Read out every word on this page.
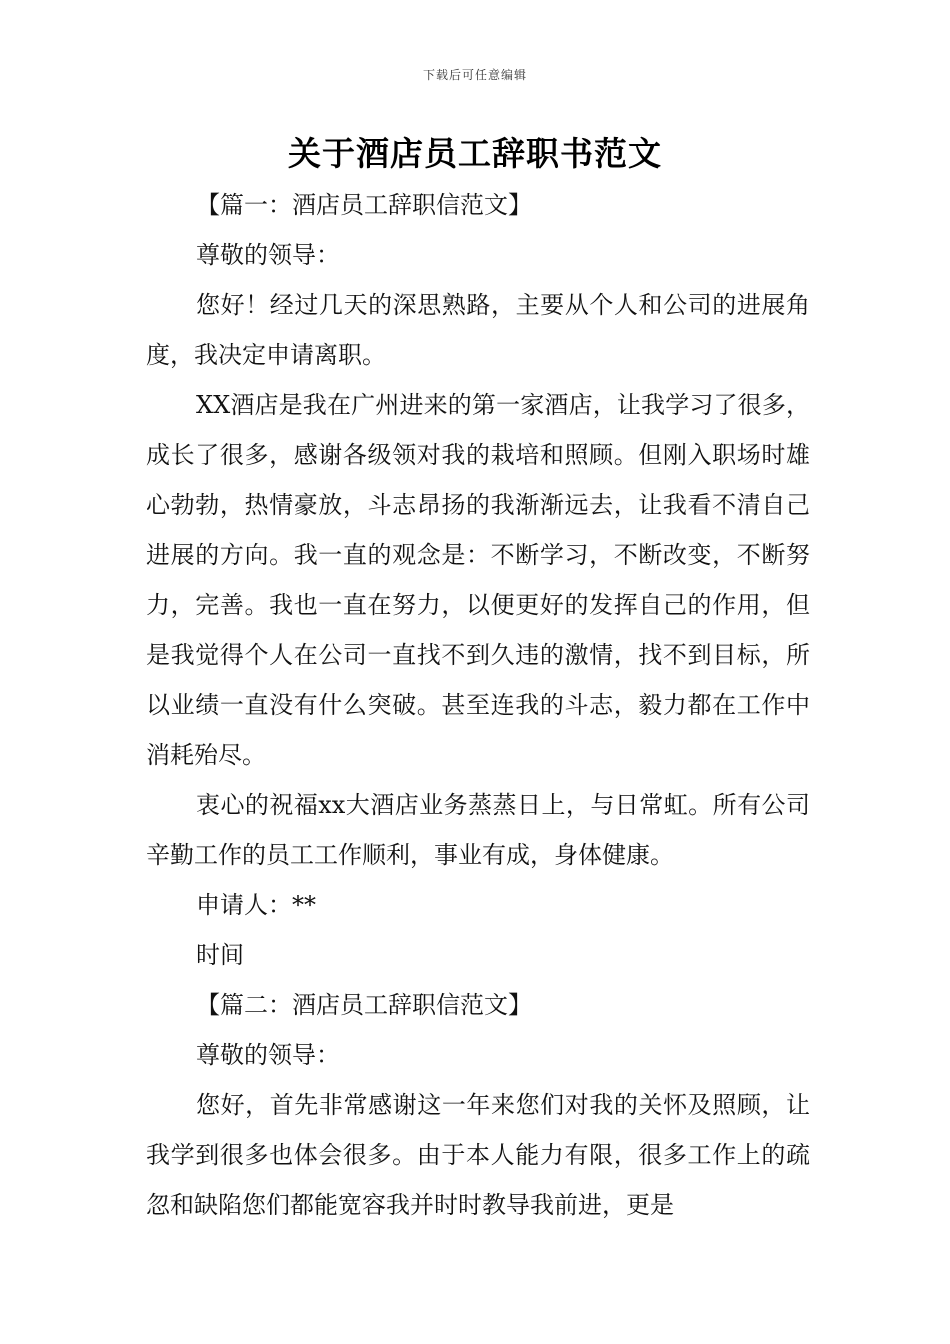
下载后可任意编辑
关于酒店员工辞职书范文

【篇一：酒店员工辞职信范文】

尊敬的领导：

您好！经过几天的深思熟路，主要从个人和公司的进展角度，我决定申请离职。

XX酒店是我在广州进来的第一家酒店，让我学习了很多，成长了很多，感谢各级领对我的栽培和照顾。但刚入职场时雄心勃勃，热情豪放，斗志昂扬的我渐渐远去，让我看不清自己进展的方向。我一直的观念是：不断学习，不断改变，不断努力，完善。我也一直在努力，以便更好的发挥自己的作用，但是我觉得个人在公司一直找不到久违的激情，找不到目标，所以业绩一直没有什么突破。甚至连我的斗志，毅力都在工作中消耗殆尽。

衷心的祝福xx大酒店业务蒸蒸日上，与日常虹。所有公司辛勤工作的员工工作顺利，事业有成，身体健康。

申请人：**

时间

【篇二：酒店员工辞职信范文】

尊敬的领导：

您好，首先非常感谢这一年来您们对我的关怀及照顾，让我学到很多也体会很多。由于本人能力有限，很多工作上的疏忽和缺陷您们都能宽容我并时时教导我前进，更是
